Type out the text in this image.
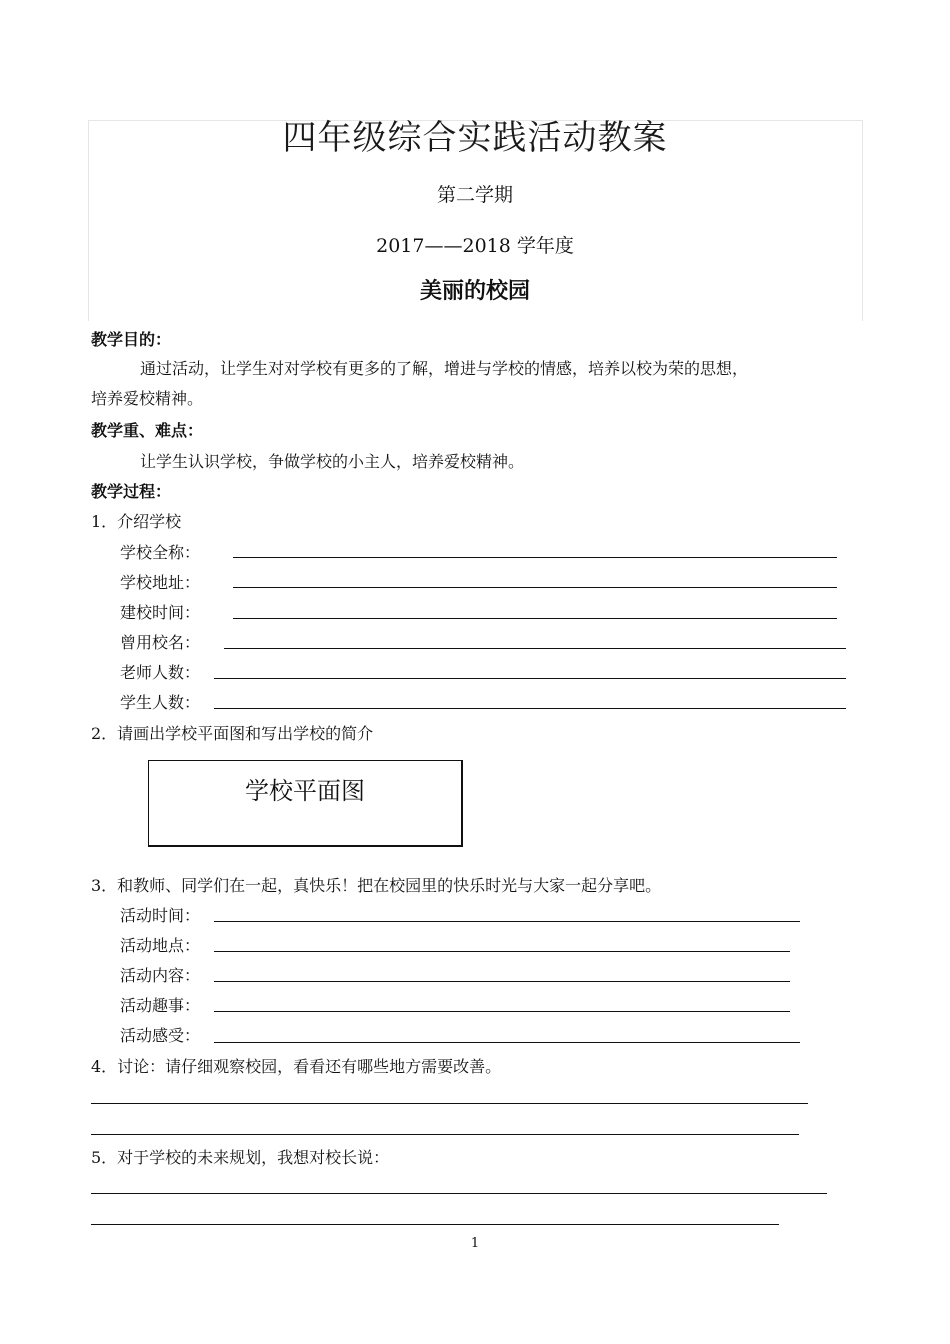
四年级综合实践活动教案
第二学期
2017——2018 学年度
美丽的校园
教学目的：
通过活动，让学生对对学校有更多的了解，增进与学校的情感，培养以校为荣的思想，
培养爱校精神。
教学重、难点：
让学生认识学校，争做学校的小主人，培养爱校精神。
教学过程：
1．介绍学校
学校全称：
学校地址：
建校时间：
曾用校名：
老师人数：
学生人数：
2．请画出学校平面图和写出学校的简介
学校平面图
3．和教师、同学们在一起，真快乐！把在校园里的快乐时光与大家一起分享吧。
活动时间：
活动地点：
活动内容：
活动趣事：
活动感受：
4．讨论：请仔细观察校园，看看还有哪些地方需要改善。
5．对于学校的未来规划，我想对校长说：
1
